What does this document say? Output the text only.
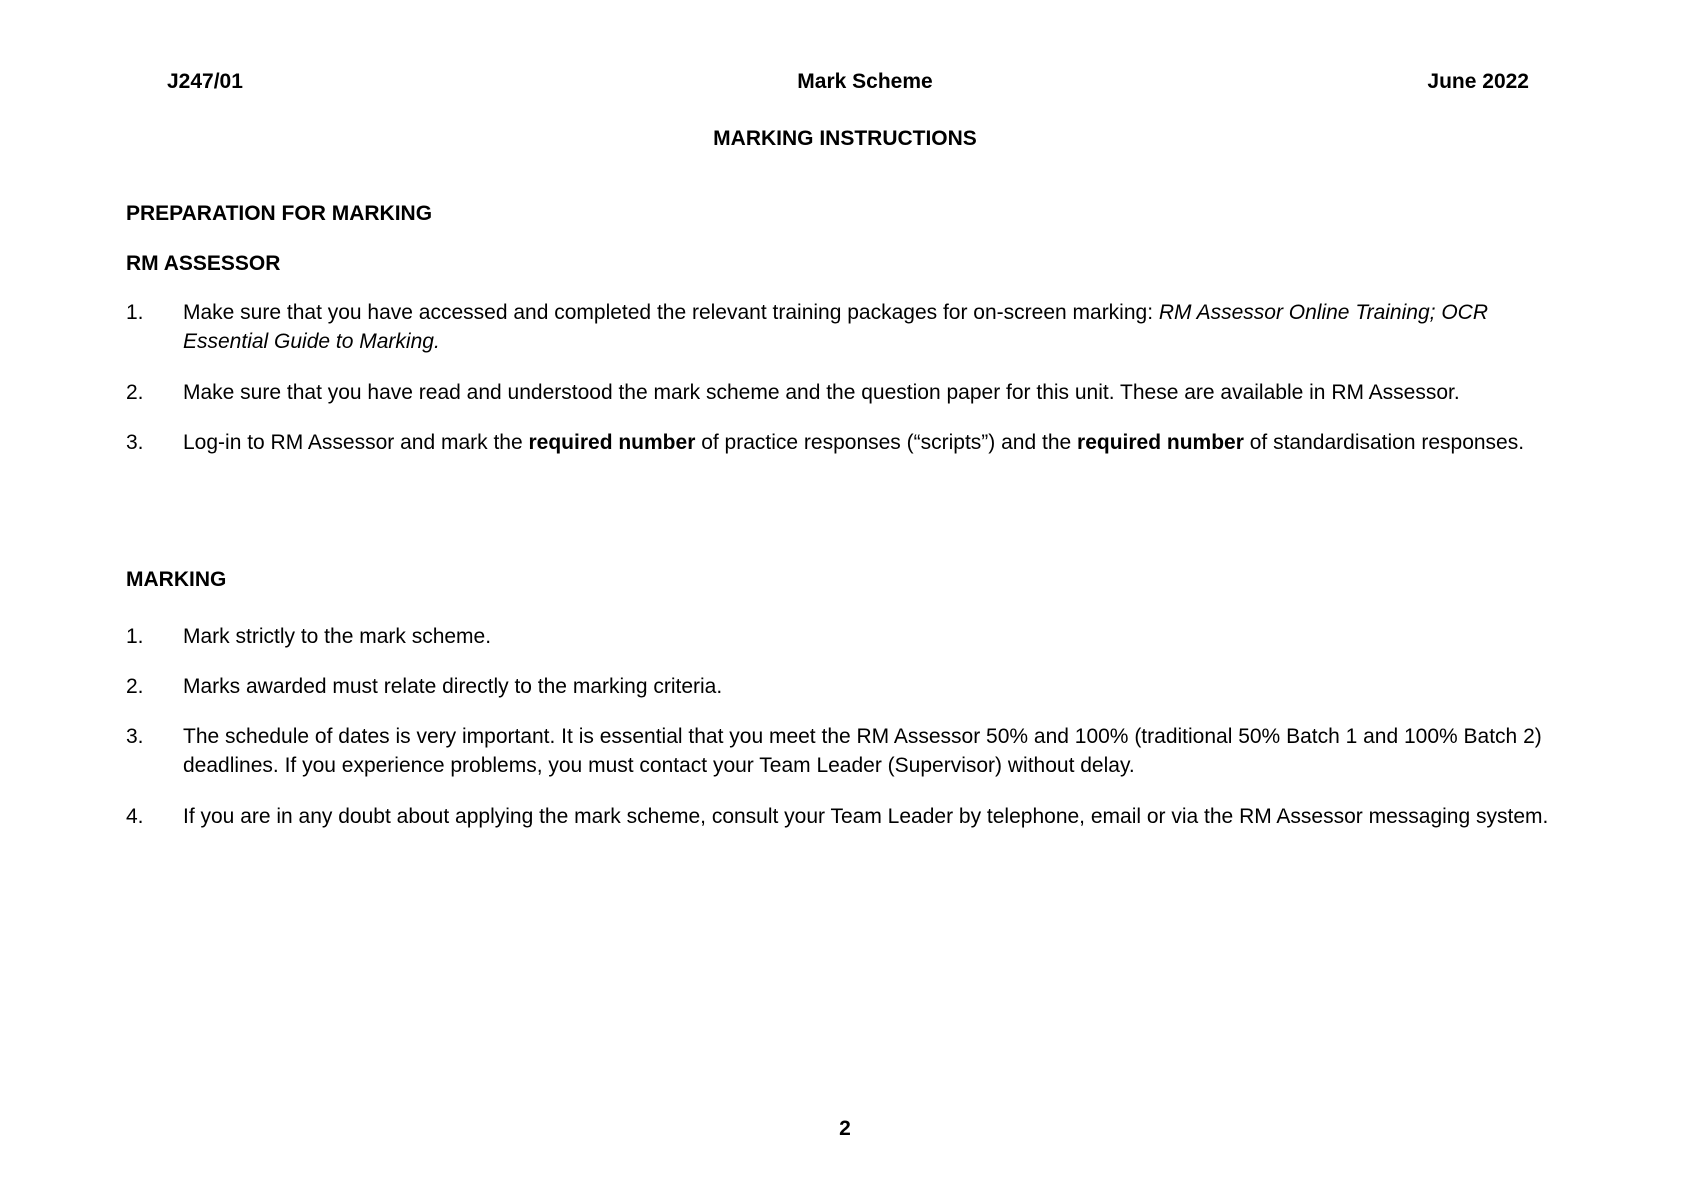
J247/01	Mark Scheme	June 2022
MARKING INSTRUCTIONS
PREPARATION FOR MARKING
RM ASSESSOR
1. Make sure that you have accessed and completed the relevant training packages for on-screen marking: RM Assessor Online Training; OCR Essential Guide to Marking.
2. Make sure that you have read and understood the mark scheme and the question paper for this unit. These are available in RM Assessor.
3. Log-in to RM Assessor and mark the required number of practice responses (“scripts”) and the required number of standardisation responses.
MARKING
1. Mark strictly to the mark scheme.
2. Marks awarded must relate directly to the marking criteria.
3. The schedule of dates is very important. It is essential that you meet the RM Assessor 50% and 100% (traditional 50% Batch 1 and 100% Batch 2) deadlines. If you experience problems, you must contact your Team Leader (Supervisor) without delay.
4. If you are in any doubt about applying the mark scheme, consult your Team Leader by telephone, email or via the RM Assessor messaging system.
2
